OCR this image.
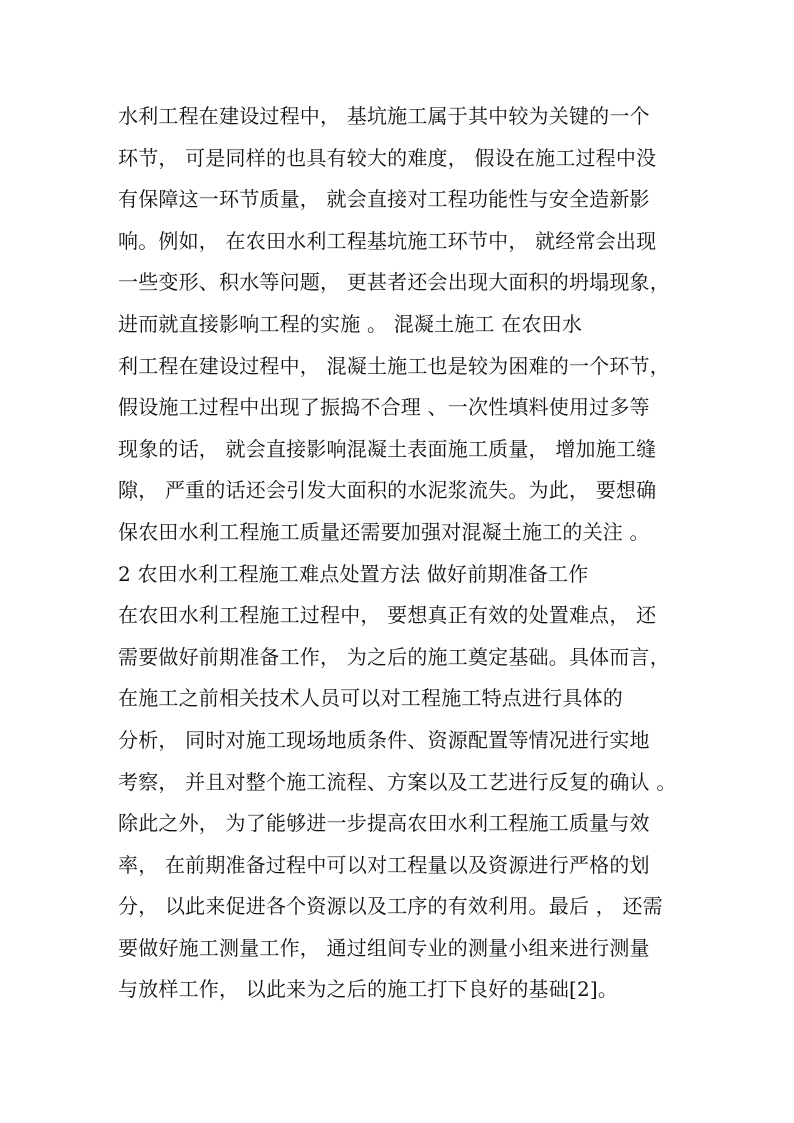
水利工程在建设过程中， 基坑施工属于其中较为关键的一个
环节， 可是同样的也具有较大的难度， 假设在施工过程中没
有保障这一环节质量， 就会直接对工程功能性与安全造新影
响。例如， 在农田水利工程基坑施工环节中， 就经常会出现
一些变形、积水等问题， 更甚者还会出现大面积的坍塌现象，
进而就直接影响工程的实施 。 混凝土施工 在农田水
利工程在建设过程中， 混凝土施工也是较为困难的一个环节，
假设施工过程中出现了振捣不合理 、一次性填料使用过多等
现象的话， 就会直接影响混凝土表面施工质量， 增加施工缝
隙， 严重的话还会引发大面积的水泥浆流失。为此， 要想确
保农田水利工程施工质量还需要加强对混凝土施工的关注 。
2 农田水利工程施工难点处置方法 做好前期准备工作
在农田水利工程施工过程中， 要想真正有效的处置难点， 还
需要做好前期准备工作， 为之后的施工奠定基础。具体而言，
在施工之前相关技术人员可以对工程施工特点进行具体的
分析， 同时对施工现场地质条件、资源配置等情况进行实地
考察， 并且对整个施工流程、方案以及工艺进行反复的确认 。
除此之外， 为了能够进一步提高农田水利工程施工质量与效
率， 在前期准备过程中可以对工程量以及资源进行严格的划
分， 以此来促进各个资源以及工序的有效利用。最后 ， 还需
要做好施工测量工作， 通过组间专业的测量小组来进行测量
与放样工作， 以此来为之后的施工打下良好的基础[2]。
